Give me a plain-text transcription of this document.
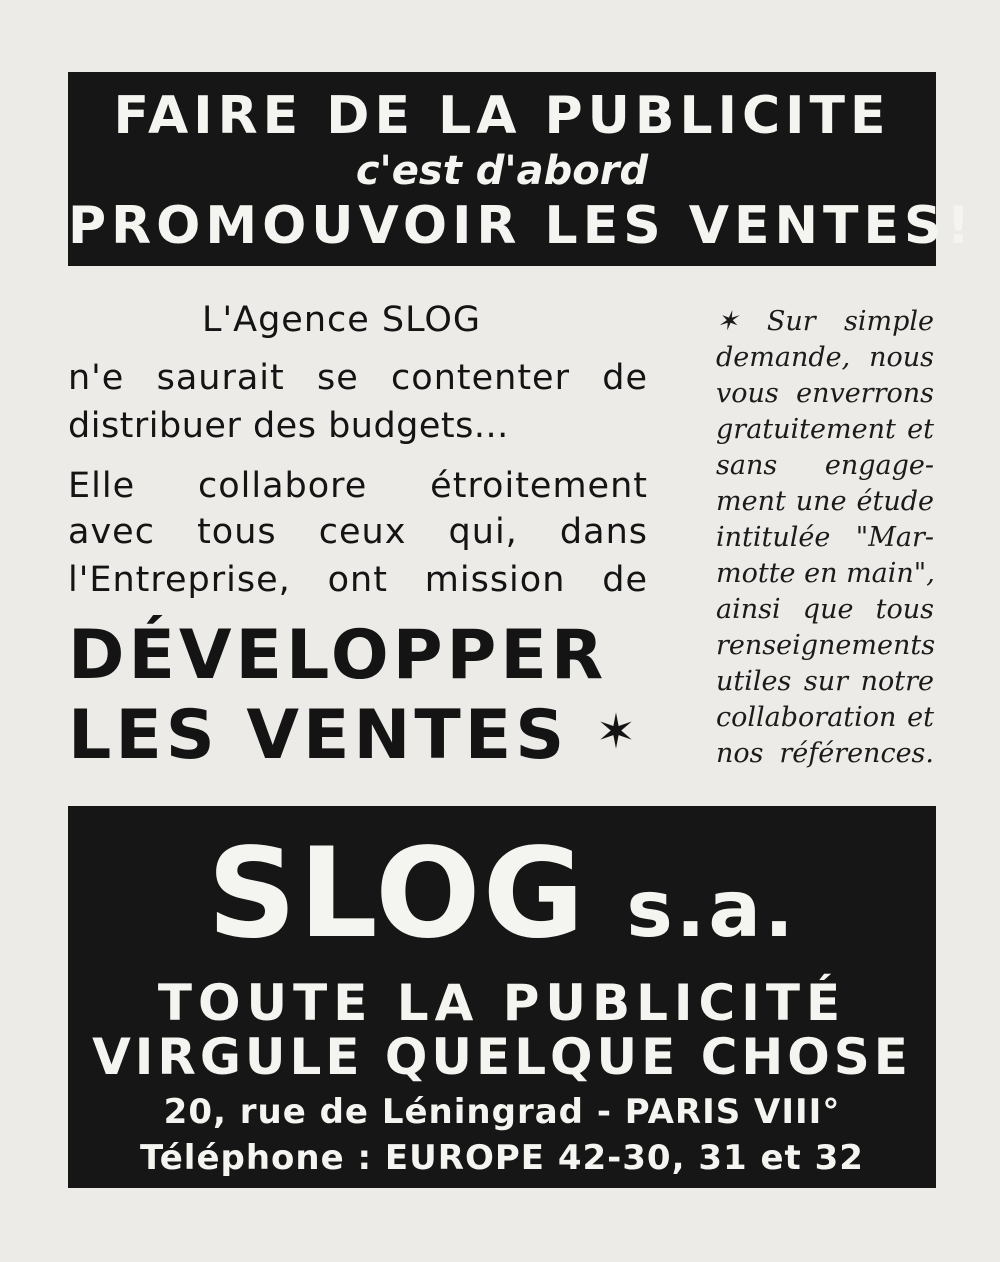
FAIRE DE LA PUBLICITE
c'est d'abord
PROMOUVOIR LES VENTES!
L'Agence SLOG
n'e saurait se contenter de
distribuer des budgets...
Elle collabore étroitement
avec tous ceux qui, dans
l'Entreprise, ont mission de
DÉVELOPPER
LES VENTES ✶
✶ Sur simple
demande, nous
vous enverrons
gratuitement et
sans engage-
ment une étude
intitulée "Mar-
motte en main",
ainsi que tous
renseignements
utiles sur notre
collaboration et
nos références.
SLOG s.a.
TOUTE LA PUBLICITÉ
VIRGULE QUELQUE CHOSE
20, rue de Léningrad - PARIS VIII°
Téléphone : EUROPE 42-30, 31 et 32
